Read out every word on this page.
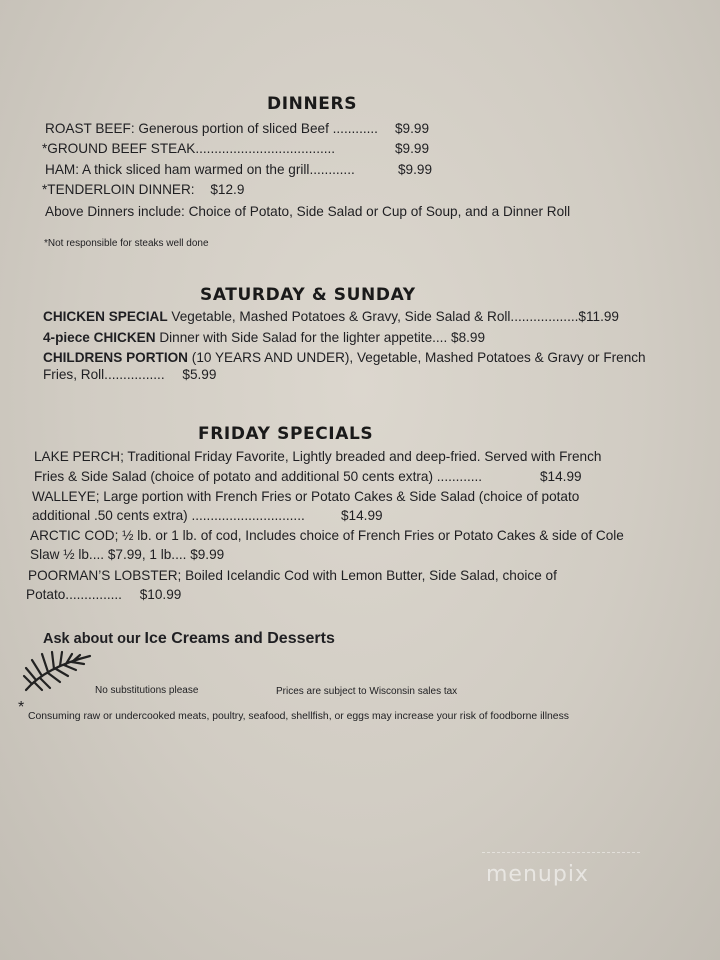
DINNERS
ROAST BEEF: Generous portion of sliced Beef ............ $9.99
*GROUND BEEF STEAK.....................................	$9.99
HAM: A thick sliced ham warmed on the grill............	$9.99
*TENDERLOIN DINNER: $12.9
Above Dinners include: Choice of Potato, Side Salad or Cup of Soup, and a Dinner Roll
*Not responsible for steaks well done
SATURDAY & SUNDAY
CHICKEN SPECIAL Vegetable, Mashed Potatoes & Gravy, Side Salad & Roll..................$11.99
4-piece CHICKEN Dinner with Side Salad for the lighter appetite.... $8.99
CHILDRENS PORTION (10 YEARS AND UNDER), Vegetable, Mashed Potatoes & Gravy or French
Fries, Roll................ $5.99
FRIDAY SPECIALS
LAKE PERCH; Traditional Friday Favorite, Lightly breaded and deep-fried. Served with French
Fries & Side Salad (choice of potato and additional 50 cents extra) ............	$14.99
WALLEYE; Large portion with French Fries or Potato Cakes & Side Salad (choice of potato
additional .50 cents extra) ..............................	$14.99
ARCTIC COD; ½ lb. or 1 lb. of cod, Includes choice of French Fries or Potato Cakes & side of Cole
Slaw ½ lb.... $7.99, 1 lb.... $9.99
POORMAN’S LOBSTER; Boiled Icelandic Cod with Lemon Butter, Side Salad, choice of
Potato............... $10.99
Ask about our Ice Creams and Desserts
No substitutions please	Prices are subject to Wisconsin sales tax
*
Consuming raw or undercooked meats, poultry, seafood, shellfish, or eggs may increase your risk of foodborne illness
menupix
